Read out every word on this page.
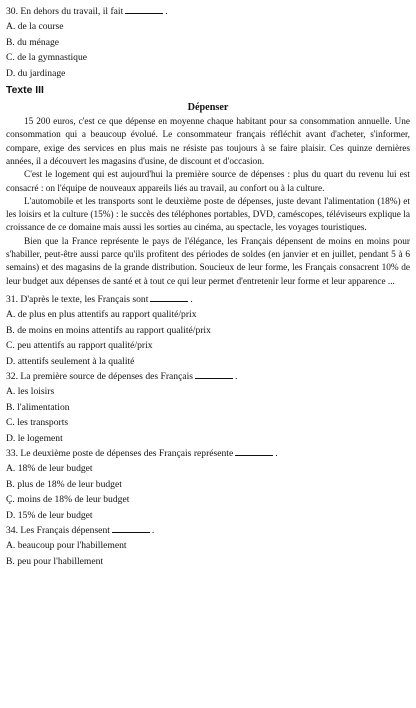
30. En dehors du travail, il fait	.
A. de la course
B. du ménage
C. de la gymnastique
D. du jardinage
Texte III
Dépenser

15 200 euros, c'est ce que dépense en moyenne chaque habitant pour sa consommation annuelle. Une consommation qui a beaucoup évolué. Le consommateur français réfléchit avant d'acheter, s'informer, compare, exige des services en plus mais ne résiste pas toujours à se faire plaisir. Ces quinze dernières années, il a découvert les magasins d'usine, de discount et d'occasion.

C'est le logement qui est aujourd'hui la première source de dépenses : plus du quart du revenu lui est consacré : on l'équipe de nouveaux appareils liés au travail, au confort ou à la culture.

L'automobile et les transports sont le deuxième poste de dépenses, juste devant l'alimentation (18%) et les loisirs et la culture (15%) : le succès des téléphones portables, DVD, caméscopes, téléviseurs explique la croissance de ce domaine mais aussi les sorties au cinéma, au spectacle, les voyages touristiques.

Bien que la France représente le pays de l'élégance, les Français dépensent de moins en moins pour s'habiller, peut-être aussi parce qu'ils profitent des périodes de soldes (en janvier et en juillet, pendant 5 à 6 semains) et des magasins de la grande distribution. Soucieux de leur forme, les Français consacrent 10% de leur budget aux dépenses de santé et à tout ce qui leur permet d'entretenir leur forme et leur apparence ...

31. D'après le texte, les Français sont	.
A. de plus en plus attentifs au rapport qualité/prix
B. de moins en moins attentifs au rapport qualité/prix
C. peu attentifs au rapport qualité/prix
D. attentifs seulement à la qualité
32. La première source de dépenses des Français	.
A. les loisirs
B. l'alimentation
C. les transports
D. le logement
33. Le deuxième poste de dépenses des Français représente	.
A. 18% de leur budget
B. plus de 18% de leur budget
Ç. moins de 18% de leur budget
D. 15% de leur budget
34. Les Français dépensent	.
A. beaucoup pour l'habillement
B. peu pour l'habillement
